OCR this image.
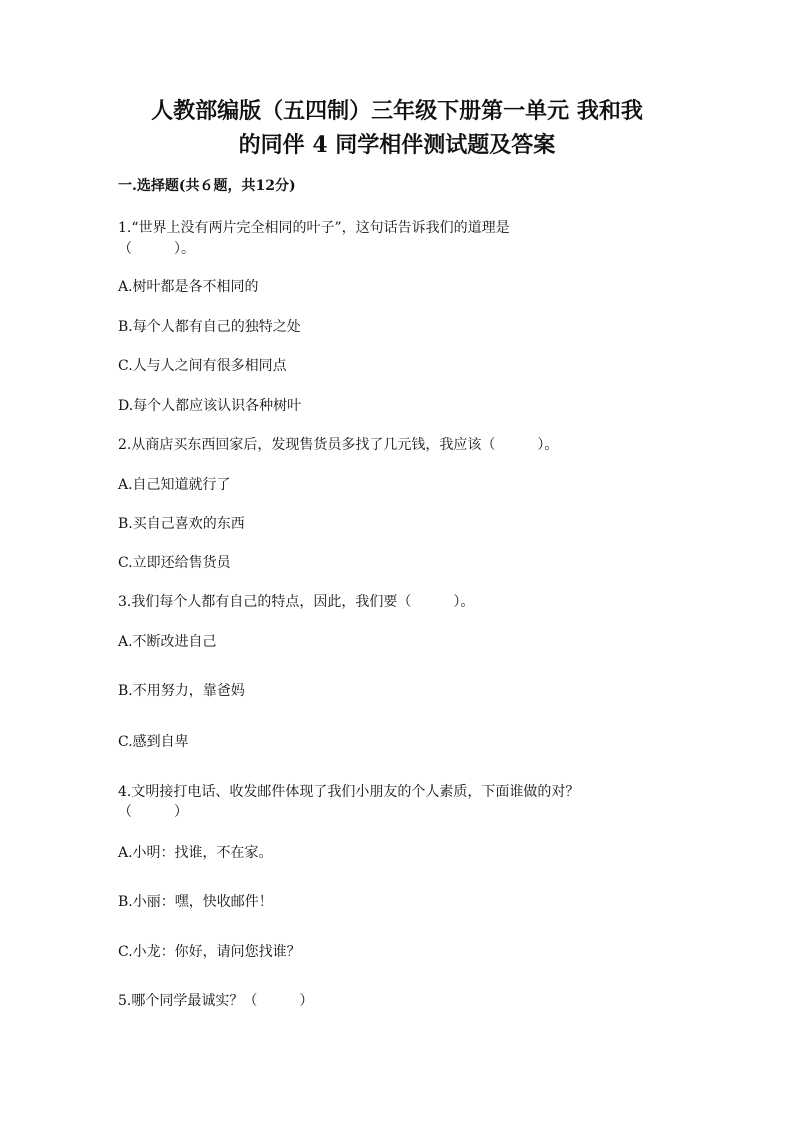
人教部编版（五四制）三年级下册第一单元 我和我
的同伴 4 同学相伴测试题及答案
一.选择题(共６题，共12分)
1.“世界上没有两片完全相同的叶子”，这句话告诉我们的道理是
（　　　）。
A.树叶都是各不相同的
B.每个人都有自己的独特之处
C.人与人之间有很多相同点
D.每个人都应该认识各种树叶
2.从商店买东西回家后，发现售货员多找了几元钱，我应该（　　　）。
A.自己知道就行了
B.买自己喜欢的东西
C.立即还给售货员
3.我们每个人都有自己的特点，因此，我们要（　　　）。
A.不断改进自己
B.不用努力，靠爸妈
C.感到自卑
4.文明接打电话、收发邮件体现了我们小朋友的个人素质，下面谁做的对？
（　　　）
A.小明：找谁，不在家。
B.小丽：嘿，快收邮件！
C.小龙：你好，请问您找谁？
5.哪个同学最诚实？（　　　）
